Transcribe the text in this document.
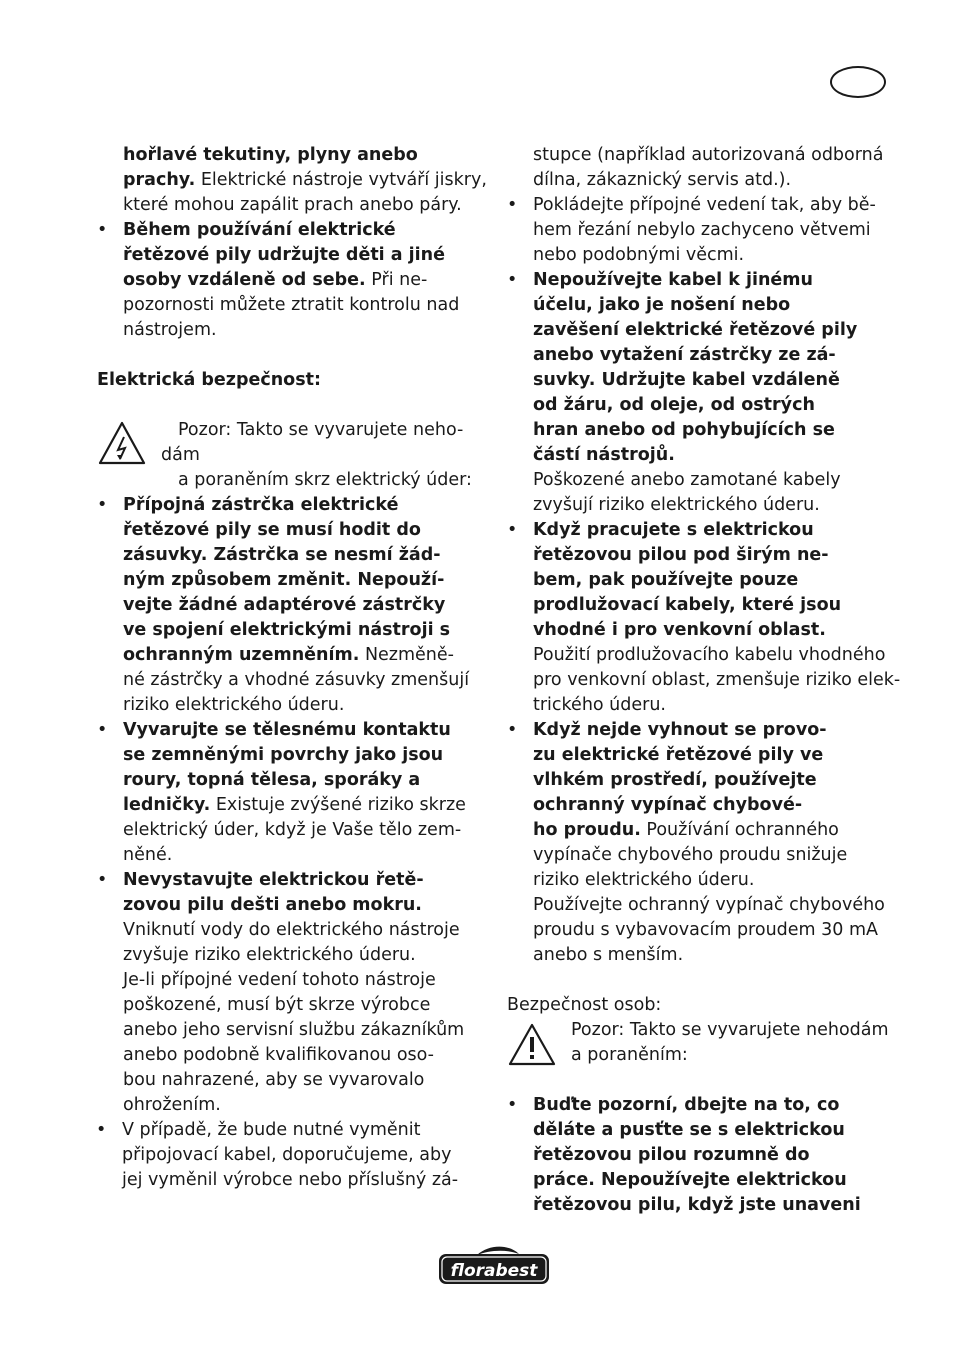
hořlavé tekutiny, plyny anebo
prachy. Elektrické nástroje vytváří jiskry,
které mohou zapálit prach anebo páry.
• Během používání elektrické
řetězové pily udržujte děti a jiné
osoby vzdáleně od sebe. Při ne-
pozornosti můžete ztratit kontrolu nad
nástrojem.
Elektrická bezpečnost:
Pozor: Takto se vyvarujete neho-
dám
a poraněním skrz elektrický úder:
• Přípojná zástrčka elektrické
řetězové pily se musí hodit do
zásuvky. Zástrčka se nesmí žád-
ným způsobem změnit. Nepouží-
vejte žádné adaptérové zástrčky
ve spojení elektrickými nástroji s
ochranným uzemněním. Nezměně-
né zástrčky a vhodné zásuvky zmenšují
riziko elektrického úderu.
• Vyvarujte se tělesnému kontaktu
se zemněnými povrchy jako jsou
roury, topná tělesa, sporáky a
ledničky. Existuje zvýšené riziko skrze
elektrický úder, když je Vaše tělo zem-
něné.
• Nevystavujte elektrickou řetě-
zovou pilu dešti anebo mokru.
Vniknutí vody do elektrického nástroje
zvyšuje riziko elektrického úderu.
Je-li přípojné vedení tohoto nástroje
poškozené, musí být skrze výrobce
anebo jeho servisní službu zákazníkům
anebo podobně kvalifikovanou oso-
bou nahrazené, aby se vyvarovalo
ohrožením.
• V případě, že bude nutné vyměnit
připojovací kabel, doporučujeme, aby
jej vyměnil výrobce nebo příslušný zá-
stupce (například autorizovaná odborná
dílna, zákaznický servis atd.).
• Pokládejte přípojné vedení tak, aby bě-
hem řezání nebylo zachyceno větvemi
nebo podobnými věcmi.
• Nepoužívejte kabel k jinému
účelu, jako je nošení nebo
zavěšení elektrické řetězové pily
anebo vytažení zástrčky ze zá-
suvky. Udržujte kabel vzdáleně
od žáru, od oleje, od ostrých
hran anebo od pohybujících se
částí nástrojů.
Poškozené anebo zamotané kabely
zvyšují riziko elektrického úderu.
• Když pracujete s elektrickou
řetězovou pilou pod širým ne-
bem, pak používejte pouze
prodlužovací kabely, které jsou
vhodné i pro venkovní oblast.
Použití prodlužovacího kabelu vhodného
pro venkovní oblast, zmenšuje riziko elek-
trického úderu.
• Když nejde vyhnout se provo-
zu elektrické řetězové pily ve
vlhkém prostředí, používejte
ochranný vypínač chybové-
ho proudu. Používání ochranného
vypínače chybového proudu snižuje
riziko elektrického úderu.
Používejte ochranný vypínač chybového
proudu s vybavovacím proudem 30 mA
anebo s menším.
Bezpečnost osob:
Pozor: Takto se vyvarujete nehodám
a poraněním:
• Buďte pozorní, dbejte na to, co
děláte a pusťte se s elektrickou
řetězovou pilou rozumně do
práce. Nepoužívejte elektrickou
řetězovou pilu, když jste unaveni
florabest
